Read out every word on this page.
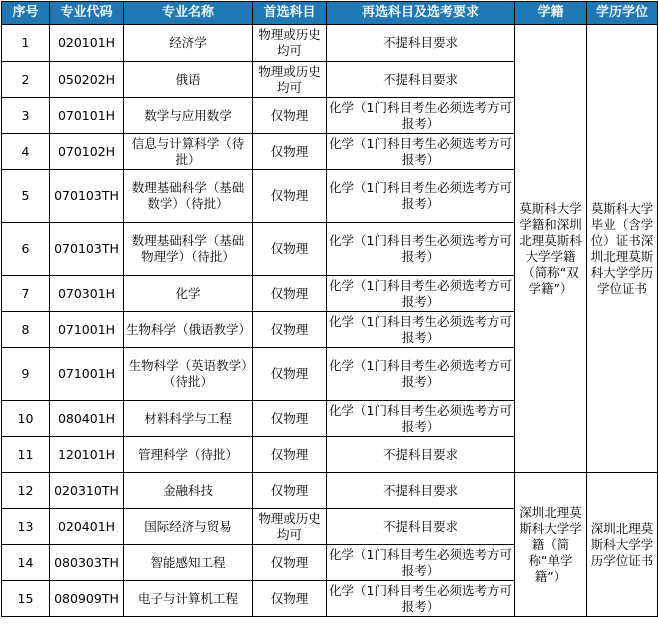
序号	专业代码	专业名称	首选科目	再选科目及选考要求	学籍	学历学位
1	020101H	经济学	物理或历史均可	不提科目要求	莫斯科大学学籍和深圳北理莫斯科大学学籍（简称“双学籍”）	莫斯科大学毕业（含学位）证书深圳北理莫斯科大学学历学位证书
2	050202H	俄语	物理或历史均可	不提科目要求		
3	070101H	数学与应用数学	仅物理	化学（1门科目考生必须选考方可报考）		
4	070102H	信息与计算科学（待批）	仅物理	化学（1门科目考生必须选考方可报考）		
5	070103TH	数理基础科学（基础数学）（待批）	仅物理	化学（1门科目考生必须选考方可报考）		
6	070103TH	数理基础科学（基础物理学）（待批）	仅物理	化学（1门科目考生必须选考方可报考）		
7	070301H	化学	仅物理	化学（1门科目考生必须选考方可报考）		
8	071001H	生物科学（俄语教学）	仅物理	化学（1门科目考生必须选考方可报考）		
9	071001H	生物科学（英语教学）（待批）	仅物理	化学（1门科目考生必须选考方可报考）		
10	080401H	材料科学与工程	仅物理	化学（1门科目考生必须选考方可报考）		
11	120101H	管理科学（待批）	仅物理	不提科目要求		
12	020310TH	金融科技	仅物理	不提科目要求	深圳北理莫斯科大学学籍（简称“单学籍”）	深圳北理莫斯科大学学历学位证书
13	020401H	国际经济与贸易	物理或历史均可	不提科目要求		
14	080303TH	智能感知工程	仅物理	化学（1门科目考生必须选考方可报考）		
15	080909TH	电子与计算机工程	仅物理	化学（1门科目考生必须选考方可报考）		
